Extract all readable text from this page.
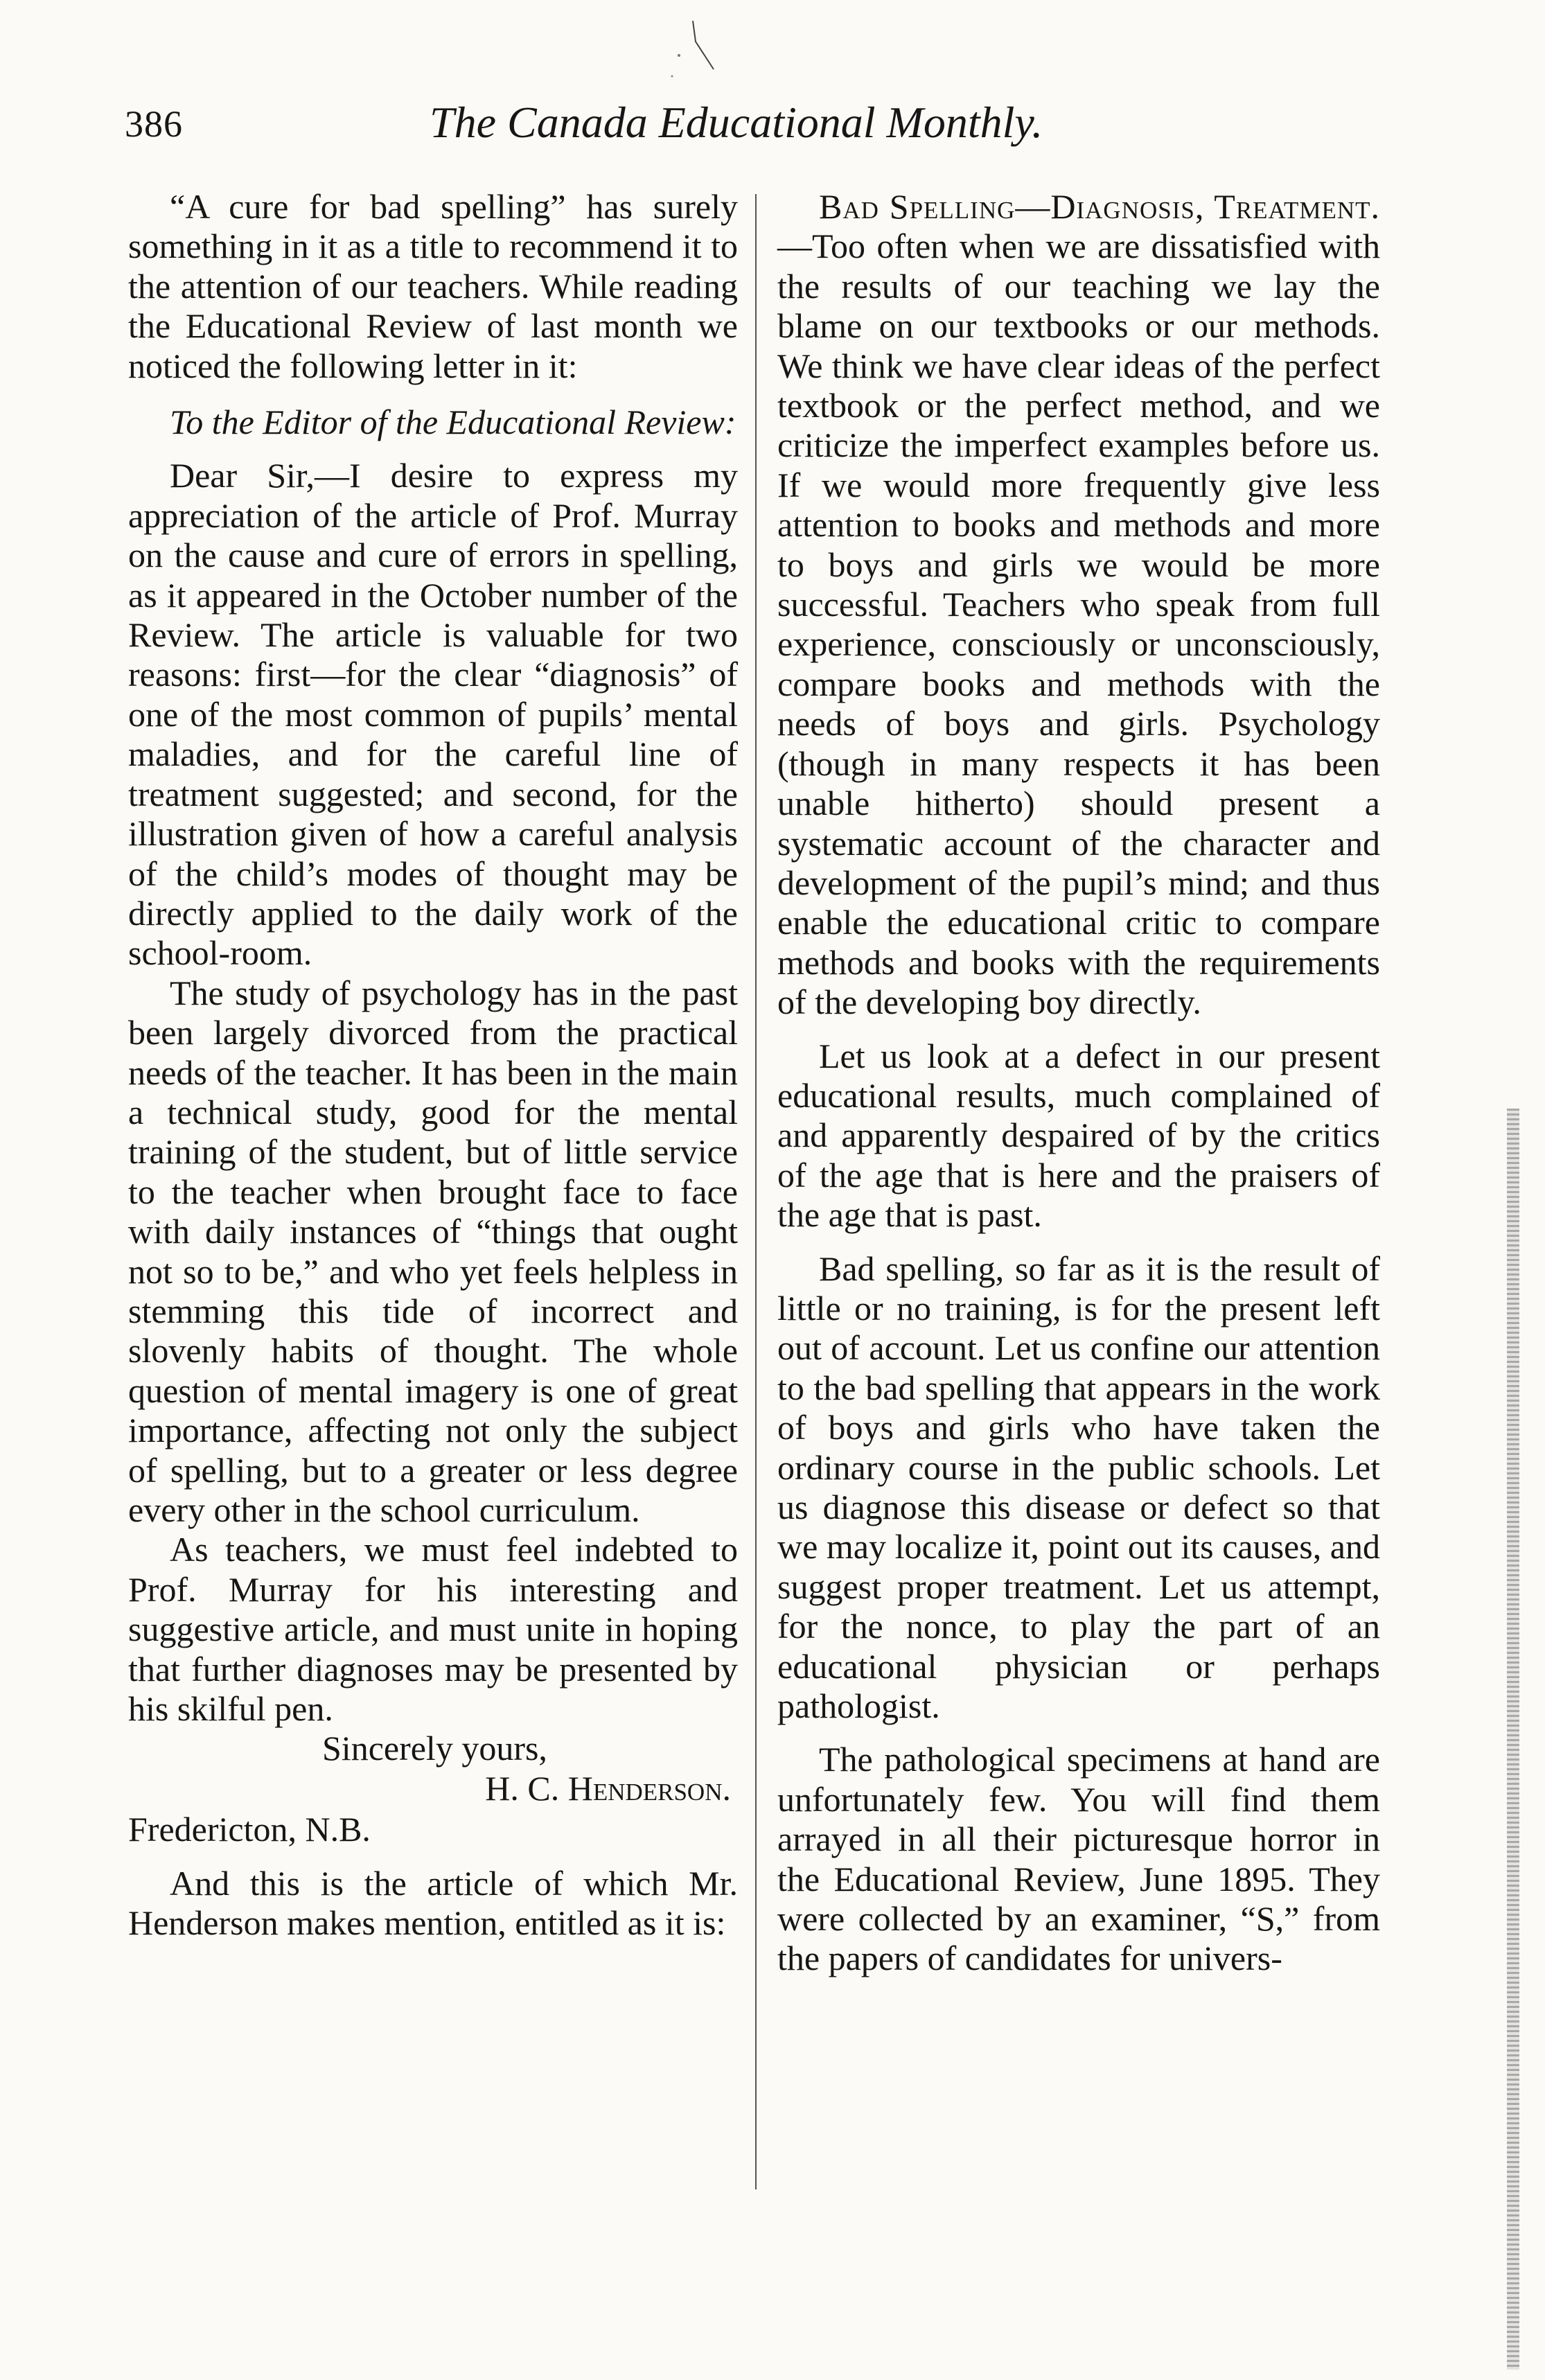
386	The Canada Educational Monthly.

“A cure for bad spelling” has surely something in it as a title to recommend it to the attention of our teachers. While reading the Educational Review of last month we noticed the following letter in it:

To the Editor of the Educational Review:

Dear Sir,—I desire to express my appreciation of the article of Prof. Murray on the cause and cure of errors in spelling, as it appeared in the October number of the Review. The article is valuable for two reasons: first—for the clear “diagnosis” of one of the most common of pupils’ mental maladies, and for the careful line of treatment suggested; and second, for the illustration given of how a careful analysis of the child’s modes of thought may be directly applied to the daily work of the school-room.

The study of psychology has in the past been largely divorced from the practical needs of the teacher. It has been in the main a technical study, good for the mental training of the student, but of little service to the teacher when brought face to face with daily instances of “things that ought not so to be,” and who yet feels helpless in stemming this tide of incorrect and slovenly habits of thought. The whole question of mental imagery is one of great importance, affecting not only the subject of spelling, but to a greater or less degree every other in the school curriculum.

As teachers, we must feel indebted to Prof. Murray for his interesting and suggestive article, and must unite in hoping that further diagnoses may be presented by his skilful pen.

Sincerely yours,

H. C. Henderson.

Fredericton, N.B.

And this is the article of which Mr. Henderson makes mention, entitled as it is:

Bad Spelling—Diagnosis, Treatment.—Too often when we are dissatisfied with the results of our teaching we lay the blame on our textbooks or our methods. We think we have clear ideas of the perfect textbook or the perfect method, and we criticize the imperfect examples before us. If we would more frequently give less attention to books and methods and more to boys and girls we would be more successful. Teachers who speak from full experience, consciously or unconsciously, compare books and methods with the needs of boys and girls. Psychology (though in many respects it has been unable hitherto) should present a systematic account of the character and development of the pupil’s mind; and thus enable the educational critic to compare methods and books with the requirements of the developing boy directly.

Let us look at a defect in our present educational results, much complained of and apparently despaired of by the critics of the age that is here and the praisers of the age that is past.

Bad spelling, so far as it is the result of little or no training, is for the present left out of account. Let us confine our attention to the bad spelling that appears in the work of boys and girls who have taken the ordinary course in the public schools. Let us diagnose this disease or defect so that we may localize it, point out its causes, and suggest proper treatment. Let us attempt, for the nonce, to play the part of an educational physician or perhaps pathologist.

The pathological specimens at hand are unfortunately few. You will find them arrayed in all their picturesque horror in the Educational Review, June 1895. They were collected by an examiner, “S,” from the papers of candidates for univers-
